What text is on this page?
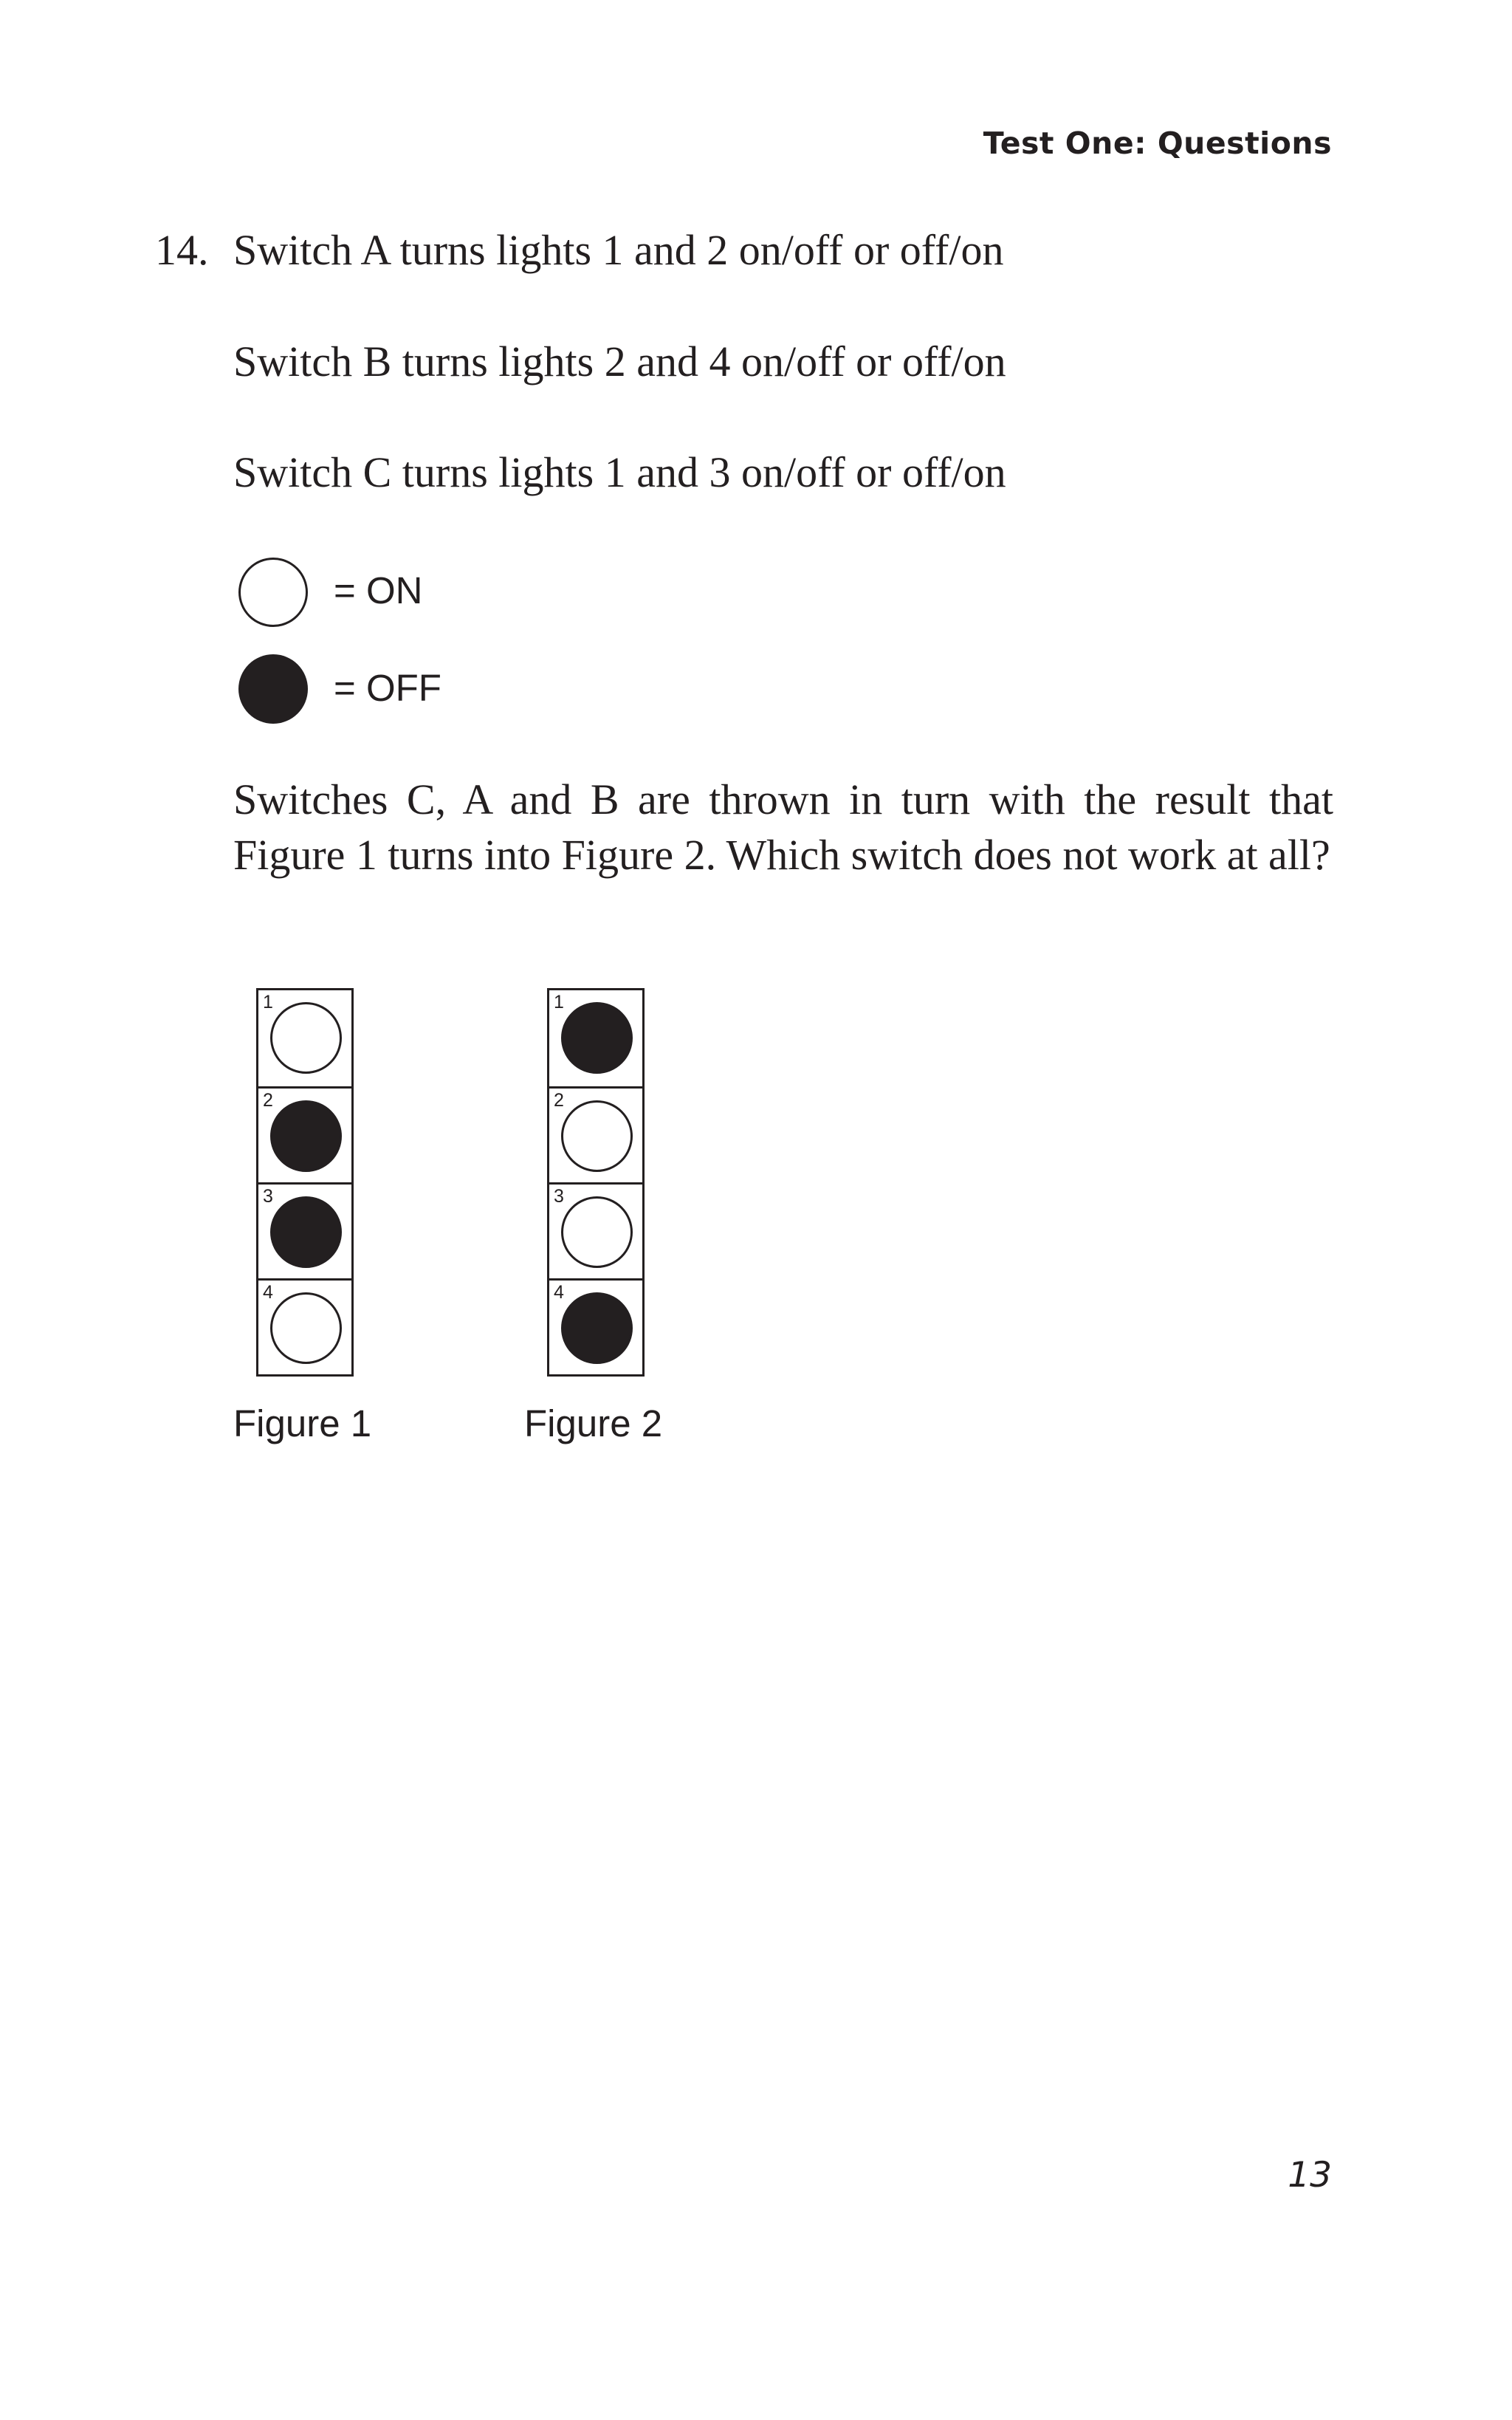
Test One: Questions
14. Switch A turns lights 1 and 2 on/off or off/on
Switch B turns lights 2 and 4 on/off or off/on
Switch C turns lights 1 and 3 on/off or off/on
= ON
= OFF
Switches C, A and B are thrown in turn with the result that Figure 1 turns into Figure 2. Which switch does not work at all?
1
2
3
4
1
2
3
4
Figure 1	Figure 2
13
